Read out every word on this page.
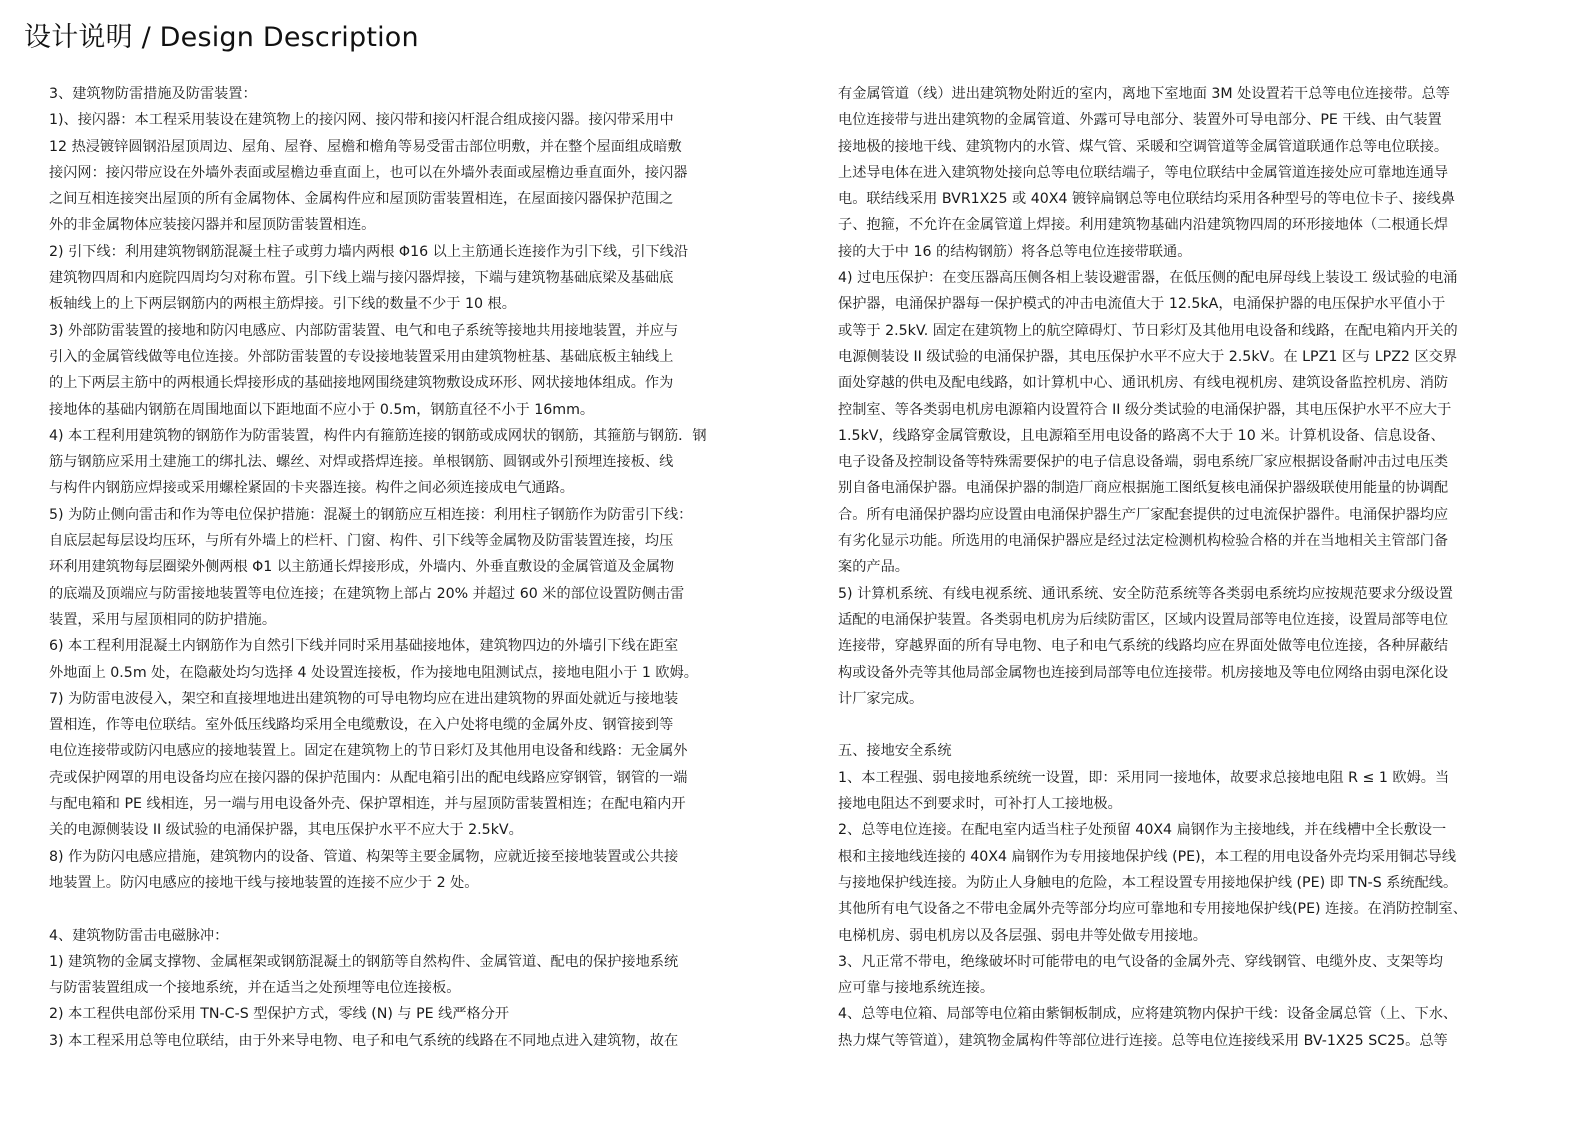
设计说明 / Design Description
3、建筑物防雷措施及防雷装置：
1)、接闪器：本工程采用装设在建筑物上的接闪网、接闪带和接闪杆混合组成接闪器。接闪带采用中
12 热浸镀锌圆钢沿屋顶周边、屋角、屋脊、屋檐和檐角等易受雷击部位明敷，并在整个屋面组成暗敷
接闪网：接闪带应设在外墙外表面或屋檐边垂直面上，也可以在外墙外表面或屋檐边垂直面外，接闪器
之间互相连接突出屋顶的所有金属物体、金属构件应和屋顶防雷装置相连，在屋面接闪器保护范围之
外的非金属物体应装接闪器并和屋顶防雷装置相连。
2) 引下线：利用建筑物钢筋混凝土柱子或剪力墙内两根 Φ16 以上主筋通长连接作为引下线，引下线沿
建筑物四周和内庭院四周均匀对称布置。引下线上端与接闪器焊接，下端与建筑物基础底梁及基础底
板轴线上的上下两层钢筋内的两根主筋焊接。引下线的数量不少于 10 根。
3) 外部防雷装置的接地和防闪电感应、内部防雷装置、电气和电子系统等接地共用接地装置，并应与
引入的金属管线做等电位连接。外部防雷装置的专设接地装置采用由建筑物桩基、基础底板主轴线上
的上下两层主筋中的两根通长焊接形成的基础接地网围绕建筑物敷设成环形、网状接地体组成。作为
接地体的基础内钢筋在周围地面以下距地面不应小于 0.5m，钢筋直径不小于 16mm。
4) 本工程利用建筑物的钢筋作为防雷装置，构件内有箍筋连接的钢筋或成网状的钢筋，其箍筋与钢筋．钢
筋与钢筋应采用土建施工的绑扎法、螺丝、对焊或搭焊连接。单根钢筋、圆钢或外引预埋连接板、线
与构件内钢筋应焊接或采用螺栓紧固的卡夹器连接。构件之间必须连接成电气通路。
5) 为防止侧向雷击和作为等电位保护措施：混凝土的钢筋应互相连接：利用柱子钢筋作为防雷引下线：
自底层起每层设均压环，与所有外墙上的栏杆、门窗、构件、引下线等金属物及防雷装置连接，均压
环利用建筑物每层圈梁外侧两根 Φ1 以主筋通长焊接形成，外墙内、外垂直敷设的金属管道及金属物
的底端及顶端应与防雷接地装置等电位连接；在建筑物上部占 20% 并超过 60 米的部位设置防侧击雷
装置，采用与屋顶相同的防护措施。
6) 本工程利用混凝土内钢筋作为自然引下线并同时采用基础接地体，建筑物四边的外墙引下线在距室
外地面上 0.5m 处，在隐蔽处均匀选择 4 处设置连接板，作为接地电阻测试点，接地电阻小于 1 欧姆。
7) 为防雷电波侵入，架空和直接埋地进出建筑物的可导电物均应在进出建筑物的界面处就近与接地装
置相连，作等电位联结。室外低压线路均采用全电缆敷设，在入户处将电缆的金属外皮、钢管接到等
电位连接带或防闪电感应的接地装置上。固定在建筑物上的节日彩灯及其他用电设备和线路：无金属外
壳或保护网罩的用电设备均应在接闪器的保护范围内：从配电箱引出的配电线路应穿钢管，钢管的一端
与配电箱和 PE 线相连，另一端与用电设备外壳、保护罩相连，并与屋顶防雷装置相连；在配电箱内开
关的电源侧装设 II 级试验的电涌保护器，其电压保护水平不应大于 2.5kV。
8) 作为防闪电感应措施，建筑物内的设备、管道、构架等主要金属物，应就近接至接地装置或公共接
地装置上。防闪电感应的接地干线与接地装置的连接不应少于 2 处。
4、建筑物防雷击电磁脉冲：
1) 建筑物的金属支撑物、金属框架或钢筋混凝土的钢筋等自然构件、金属管道、配电的保护接地系统
与防雷装置组成一个接地系统，并在适当之处预埋等电位连接板。
2) 本工程供电部份采用 TN-C-S 型保护方式，零线 (N) 与 PE 线严格分开
3) 本工程采用总等电位联结，由于外来导电物、电子和电气系统的线路在不同地点进入建筑物，故在
有金属管道（线）进出建筑物处附近的室内，离地下室地面 3M 处设置若干总等电位连接带。总等
电位连接带与进出建筑物的金属管道、外露可导电部分、装置外可导电部分、PE 干线、由气装置
接地极的接地干线、建筑物内的水管、煤气管、采暖和空调管道等金属管道联通作总等电位联接。
上述导电体在进入建筑物处接向总等电位联结端子，等电位联结中金属管道连接处应可靠地连通导
电。联结线采用 BVR1X25 或 40X4 镀锌扁钢总等电位联结均采用各种型号的等电位卡子、接线鼻
子、抱箍，不允许在金属管道上焊接。利用建筑物基础内沿建筑物四周的环形接地体（二根通长焊
接的大于中 16 的结构钢筋）将各总等电位连接带联通。
4) 过电压保护：在变压器高压侧各相上装设避雷器，在低压侧的配电屏母线上装设工 级试验的电涌
保护器，电涌保护器每一保护模式的冲击电流值大于 12.5kA，电涌保护器的电压保护水平值小于
或等于 2.5kV. 固定在建筑物上的航空障碍灯、节日彩灯及其他用电设备和线路，在配电箱内开关的
电源侧装设 II 级试验的电涌保护器，其电压保护水平不应大于 2.5kV。在 LPZ1 区与 LPZ2 区交界
面处穿越的供电及配电线路，如计算机中心、通讯机房、有线电视机房、建筑设备监控机房、消防
控制室、等各类弱电机房电源箱内设置符合 II 级分类试验的电涌保护器，其电压保护水平不应大于
1.5kV，线路穿金属管敷设，且电源箱至用电设备的路离不大于 10 米。计算机设备、信息设备、
电子设备及控制设备等特殊需要保护的电子信息设备端，弱电系统厂家应根据设备耐冲击过电压类
别自备电涌保护器。电涌保护器的制造厂商应根据施工图纸复核电涌保护器级联使用能量的协调配
合。所有电涌保护器均应设置由电涌保护器生产厂家配套提供的过电流保护器件。电涌保护器均应
有劣化显示功能。所选用的电涌保护器应是经过法定检测机构检验合格的并在当地相关主管部门备
案的产品。
5) 计算机系统、有线电视系统、通讯系统、安全防范系统等各类弱电系统均应按规范要求分级设置
适配的电涌保护装置。各类弱电机房为后续防雷区，区域内设置局部等电位连接，设置局部等电位
连接带，穿越界面的所有导电物、电子和电气系统的线路均应在界面处做等电位连接，各种屏蔽结
构或设备外壳等其他局部金属物也连接到局部等电位连接带。机房接地及等电位网络由弱电深化设
计厂家完成。
五、接地安全系统
1、本工程强、弱电接地系统统一设置，即：采用同一接地体，故要求总接地电阻 R ≤ 1 欧姆。当
接地电阻达不到要求时，可补打人工接地极。
2、总等电位连接。在配电室内适当柱子处预留 40X4 扁钢作为主接地线，并在线槽中全长敷设一
根和主接地线连接的 40X4 扁钢作为专用接地保护线 (PE)，本工程的用电设备外壳均采用铜芯导线
与接地保护线连接。为防止人身触电的危险，本工程设置专用接地保护线 (PE) 即 TN-S 系统配线。
其他所有电气设备之不带电金属外壳等部分均应可靠地和专用接地保护线(PE) 连接。在消防控制室、
电梯机房、弱电机房以及各层强、弱电井等处做专用接地。
3、凡正常不带电，绝缘破坏时可能带电的电气设备的金属外壳、穿线钢管、电缆外皮、支架等均
应可靠与接地系统连接。
4、总等电位箱、局部等电位箱由紫铜板制成，应将建筑物内保护干线：设备金属总管（上、下水、
热力煤气等管道），建筑物金属构件等部位进行连接。总等电位连接线采用 BV-1X25 SC25。总等
